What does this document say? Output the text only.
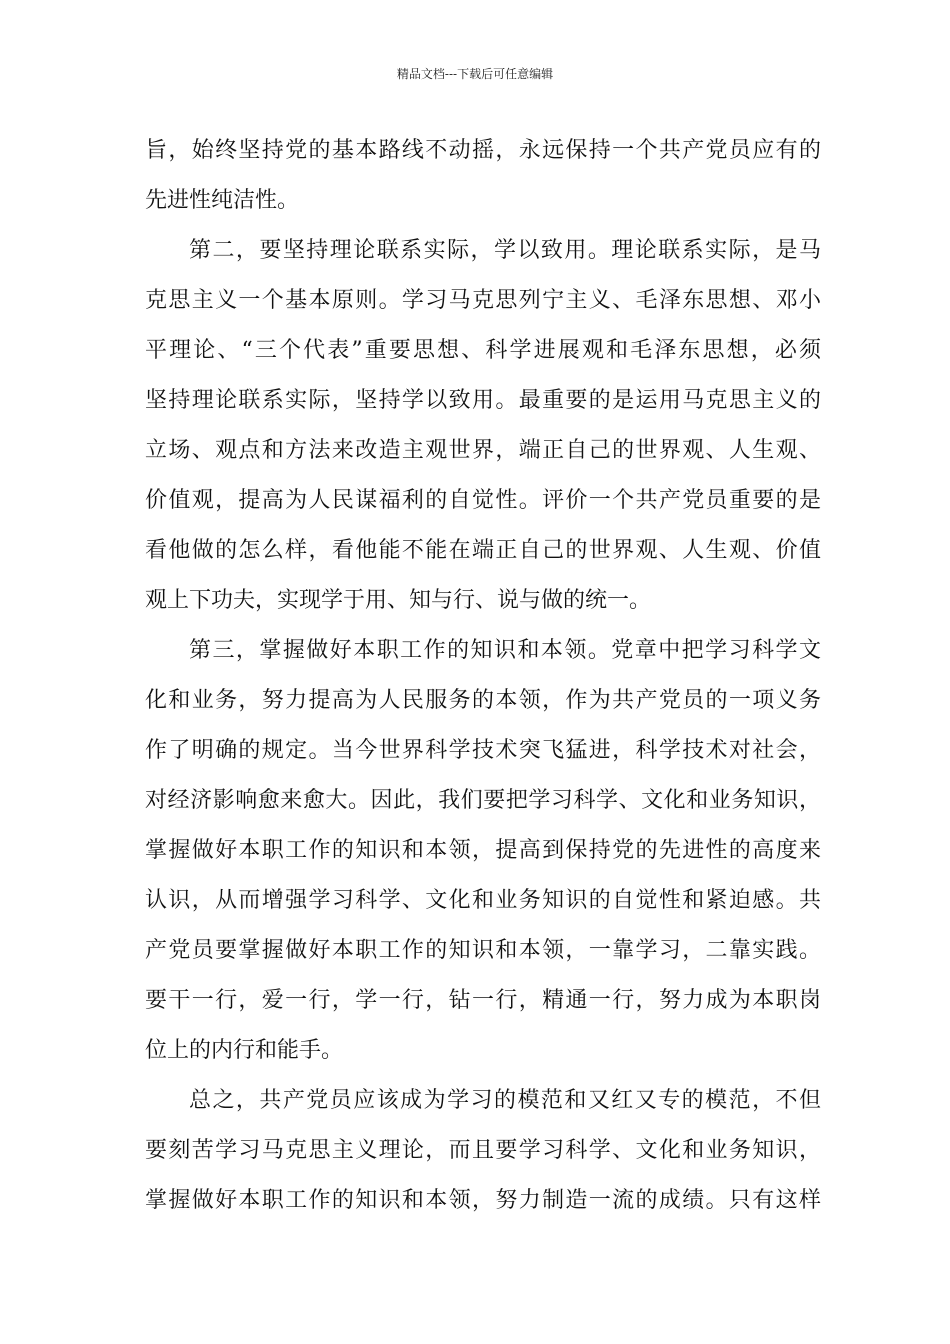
精品文档---下载后可任意编辑
旨，始终坚持党的基本路线不动摇，永远保持一个共产党员应有的
先进性纯洁性。
第二，要坚持理论联系实际，学以致用。理论联系实际，是马
克思主义一个基本原则。学习马克思列宁主义、毛泽东思想、邓小
平理论、“三个代表”重要思想、科学进展观和毛泽东思想，必须
坚持理论联系实际，坚持学以致用。最重要的是运用马克思主义的
立场、观点和方法来改造主观世界，端正自己的世界观、人生观、
价值观，提高为人民谋福利的自觉性。评价一个共产党员重要的是
看他做的怎么样，看他能不能在端正自己的世界观、人生观、价值
观上下功夫，实现学于用、知与行、说与做的统一。
第三，掌握做好本职工作的知识和本领。党章中把学习科学文
化和业务，努力提高为人民服务的本领，作为共产党员的一项义务
作了明确的规定。当今世界科学技术突飞猛进，科学技术对社会，
对经济影响愈来愈大。因此，我们要把学习科学、文化和业务知识，
掌握做好本职工作的知识和本领，提高到保持党的先进性的高度来
认识，从而增强学习科学、文化和业务知识的自觉性和紧迫感。共
产党员要掌握做好本职工作的知识和本领，一靠学习，二靠实践。
要干一行，爱一行，学一行，钻一行，精通一行，努力成为本职岗
位上的内行和能手。
总之，共产党员应该成为学习的模范和又红又专的模范，不但
要刻苦学习马克思主义理论，而且要学习科学、文化和业务知识，
掌握做好本职工作的知识和本领，努力制造一流的成绩。只有这样
